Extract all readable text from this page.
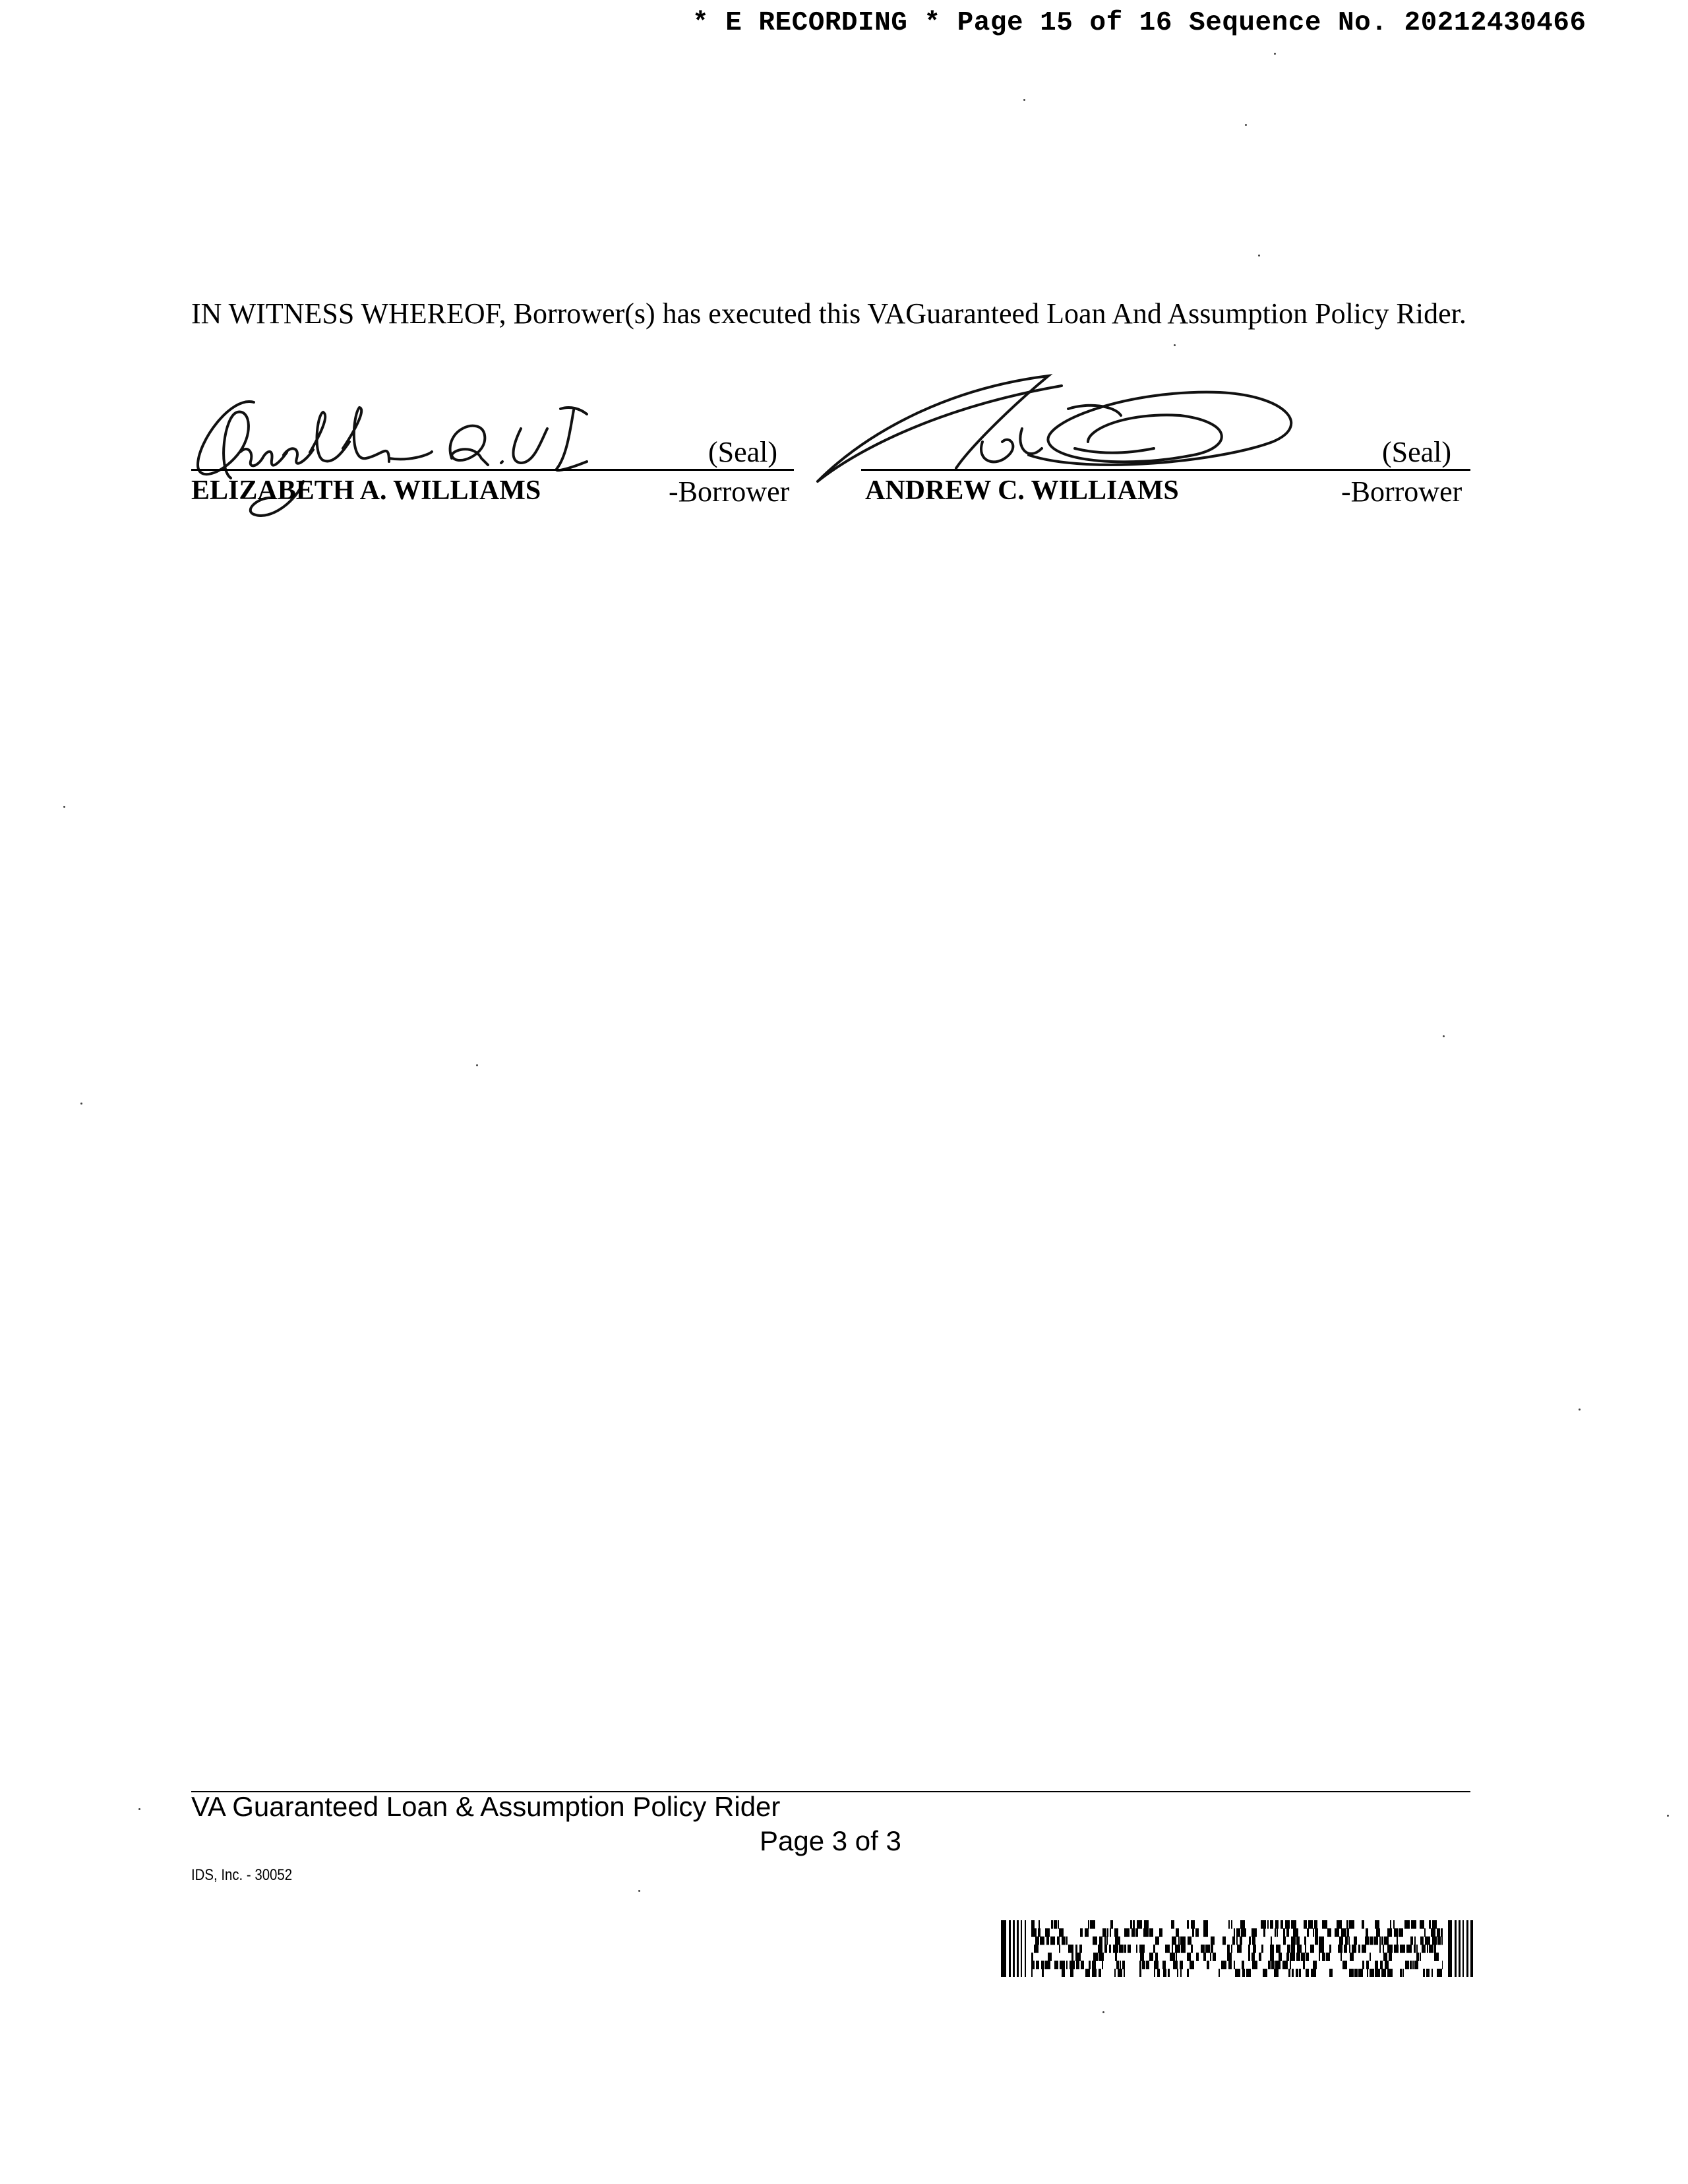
* E RECORDING * Page 15 of 16 Sequence No. 20212430466
IN WITNESS WHEREOF, Borrower(s) has executed this VAGuaranteed Loan And Assumption Policy Rider.
(Seal)
ELIZABETH A. WILLIAMS	-Borrower
(Seal)
ANDREW C. WILLIAMS	-Borrower
VA Guaranteed Loan & Assumption Policy Rider
Page 3 of 3
IDS, Inc. - 30052
